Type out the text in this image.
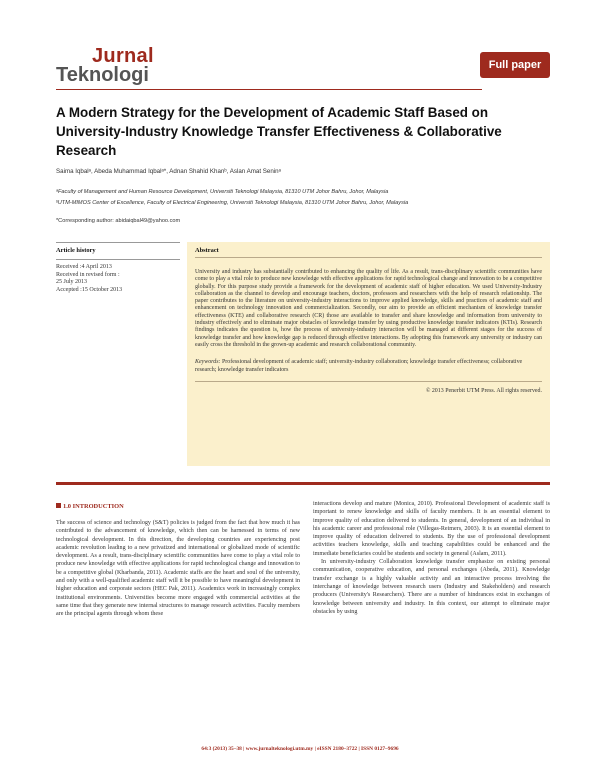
Jurnal
Teknologi	Full paper
A Modern Strategy for the Development of Academic Staff Based on University-Industry Knowledge Transfer Effectiveness & Collaborative Research
Saima Iqbalᵃ, Abeda Muhammad Iqbalᵃ*, Adnan Shahid Khanᵇ, Aslan Amat Seninᵃ
ᵃFaculty of Management and Human Resource Development, Universiti Teknologi Malaysia, 81310 UTM Johor Bahru, Johor, Malaysia
ᵇUTM-MIMOS Center of Excellence, Faculty of Electrical Engineering, Universiti Teknologi Malaysia, 81310 UTM Johor Bahru, Johor, Malaysia
*Corresponding author: abidaiqbal49@yahoo.com
Article history
Received :4 April 2013
Received in revised form :
25 July 2013
Accepted :15 October 2013
Abstract
University and industry has substantially contributed to enhancing the quality of life. As a result, trans-disciplinary scientific communities have come to play a vital role to produce new knowledge with effective applications for rapid technological change and innovation to be a competitive globally. For this purpose study provide a framework for the development of academic staff of higher education. We used University-Industry collaboration as the channel to develop and encourage teachers, doctors, professors and researchers with the help of research relationship. The paper contributes to the literature on university-industry interactions to improve applied knowledge, skills and practices of academic staff and enhancement on technology innovation and commercialization. Secondly, our aim to provide an efficient mechanism of knowledge transfer effectiveness (KTE) and collaborative research (CR) those are available to transfer and share knowledge and information from university to industry effectively and to eliminate major obstacles of knowledge transfer by using productive knowledge transfer indicators (KTIs). Research findings indicates the question is, how the process of university-industry interaction will be managed at different stages for the success of knowledge transfer and how knowledge gap is reduced through effective interactions. By adopting this framework any university or industry can easily cross the threshold in the grown-up academic and research collaborational community.
Keywords: Professional development of academic staff; university-industry collaboration; knowledge transfer effectiveness; collaborative research; knowledge transfer indicators
© 2013 Penerbit UTM Press. All rights reserved.
1.0 INTRODUCTION

The success of science and technology (S&T) policies is judged from the fact that how much it has contributed to the advancement of knowledge, which then can be harnessed in terms of new technological development. In this direction, the developing countries are experiencing post academic revolution leading to a new privatized and international or globalized mode of scientific development. As a result, trans-disciplinary scientific communities have come to play a vital role to produce new knowledge with effective applications for rapid technological change and innovation to be a competitive global (Kharbanda, 2011). Academic staffs are the heart and soul of the university, and only with a well-qualified academic staff will it be possible to have meaningful development in higher education and corporate sectors (HEC Pak, 2011). Academics work in increasingly complex institutional environments. Universities become more engaged with commercial activities at the same time that they generate new internal structures to manage research activities. Faculty members are the principal agents through whom these

interactions develop and mature (Monica, 2010). Professional Development of academic staff is important to renew knowledge and skills of faculty members. It is an essential element to improve quality of education delivered to students. In general, development of an individual in his academic career and professional role (Villegas-Reimers, 2003). It is an essential element to improve quality of education delivered to students. By the use of professional development activities teachers knowledge, skills and teaching capabilities could be enhanced and the immediate beneficiaries could be students and society in general (Aslam, 2011).

In university-industry Collaboration knowledge transfer emphasize on existing personal communication, cooperative education, and personal exchanges (Abeda, 2011). Knowledge transfer exchange is a highly valuable activity and an interactive process involving the interchange of knowledge between research users (Industry and Stakeholders) and research producers (University's Researchers). There are a number of hindrances exist in exchanges of knowledge between university and industry. In this context, our attempt to eliminate major obstacles by using

64:3 (2013) 35–38 | www.jurnalteknologi.utm.my | eISSN 2180–3722 | ISSN 0127–9696
